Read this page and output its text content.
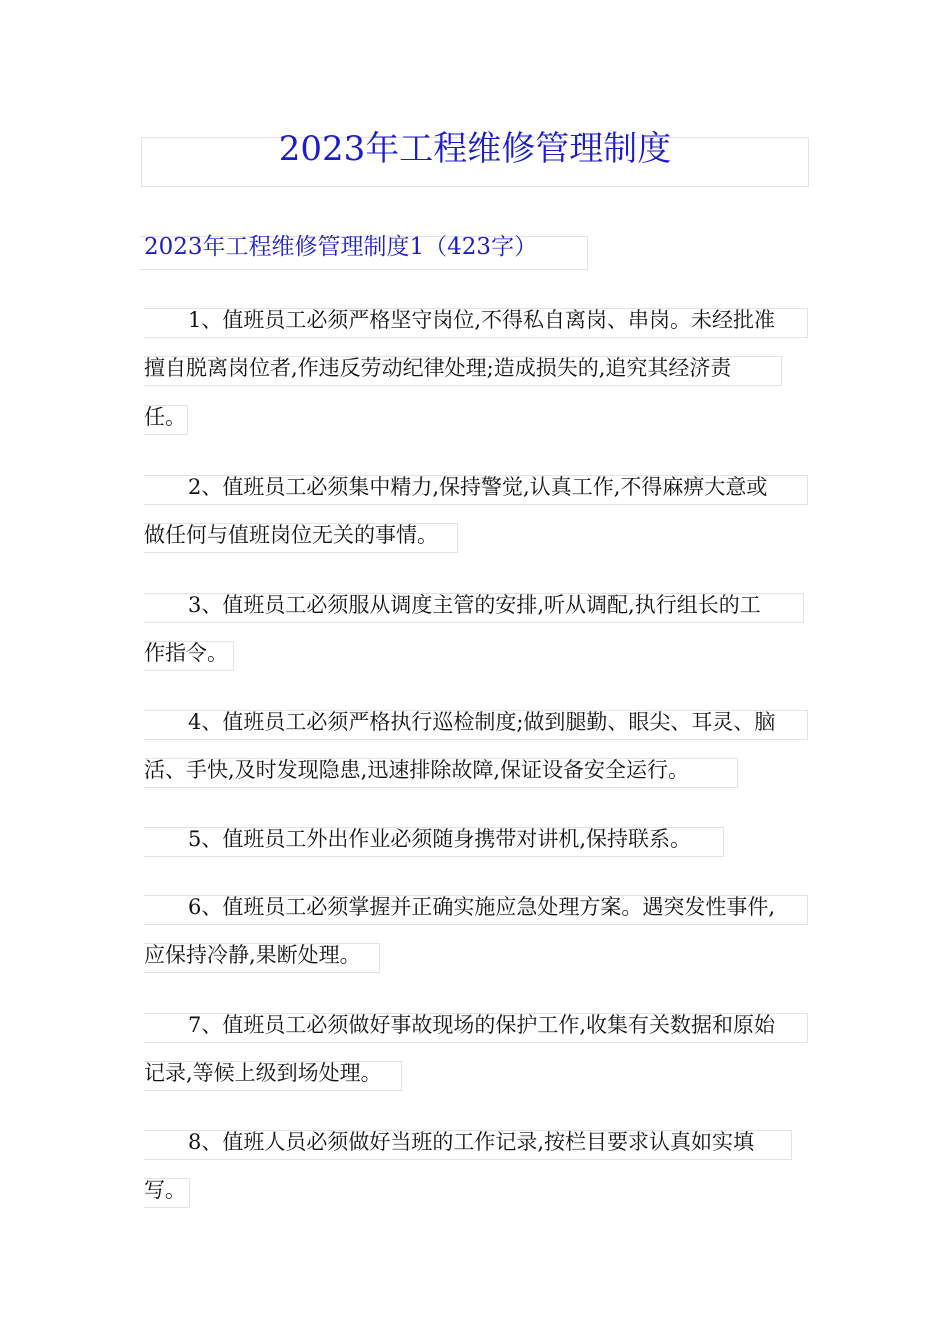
2023年工程维修管理制度
2023年工程维修管理制度1（423字）
1、值班员工必须严格坚守岗位,不得私自离岗、串岗。未经批准
擅自脱离岗位者,作违反劳动纪律处理;造成损失的,追究其经济责
任。
2、值班员工必须集中精力,保持警觉,认真工作,不得麻痹大意或
做任何与值班岗位无关的事情。
3、值班员工必须服从调度主管的安排,听从调配,执行组长的工
作指令。
4、值班员工必须严格执行巡检制度;做到腿勤、眼尖、耳灵、脑
活、手快,及时发现隐患,迅速排除故障,保证设备安全运行。
5、值班员工外出作业必须随身携带对讲机,保持联系。
6、值班员工必须掌握并正确实施应急处理方案。遇突发性事件,
应保持冷静,果断处理。
7、值班员工必须做好事故现场的保护工作,收集有关数据和原始
记录,等候上级到场处理。
8、值班人员必须做好当班的工作记录,按栏目要求认真如实填
写。
